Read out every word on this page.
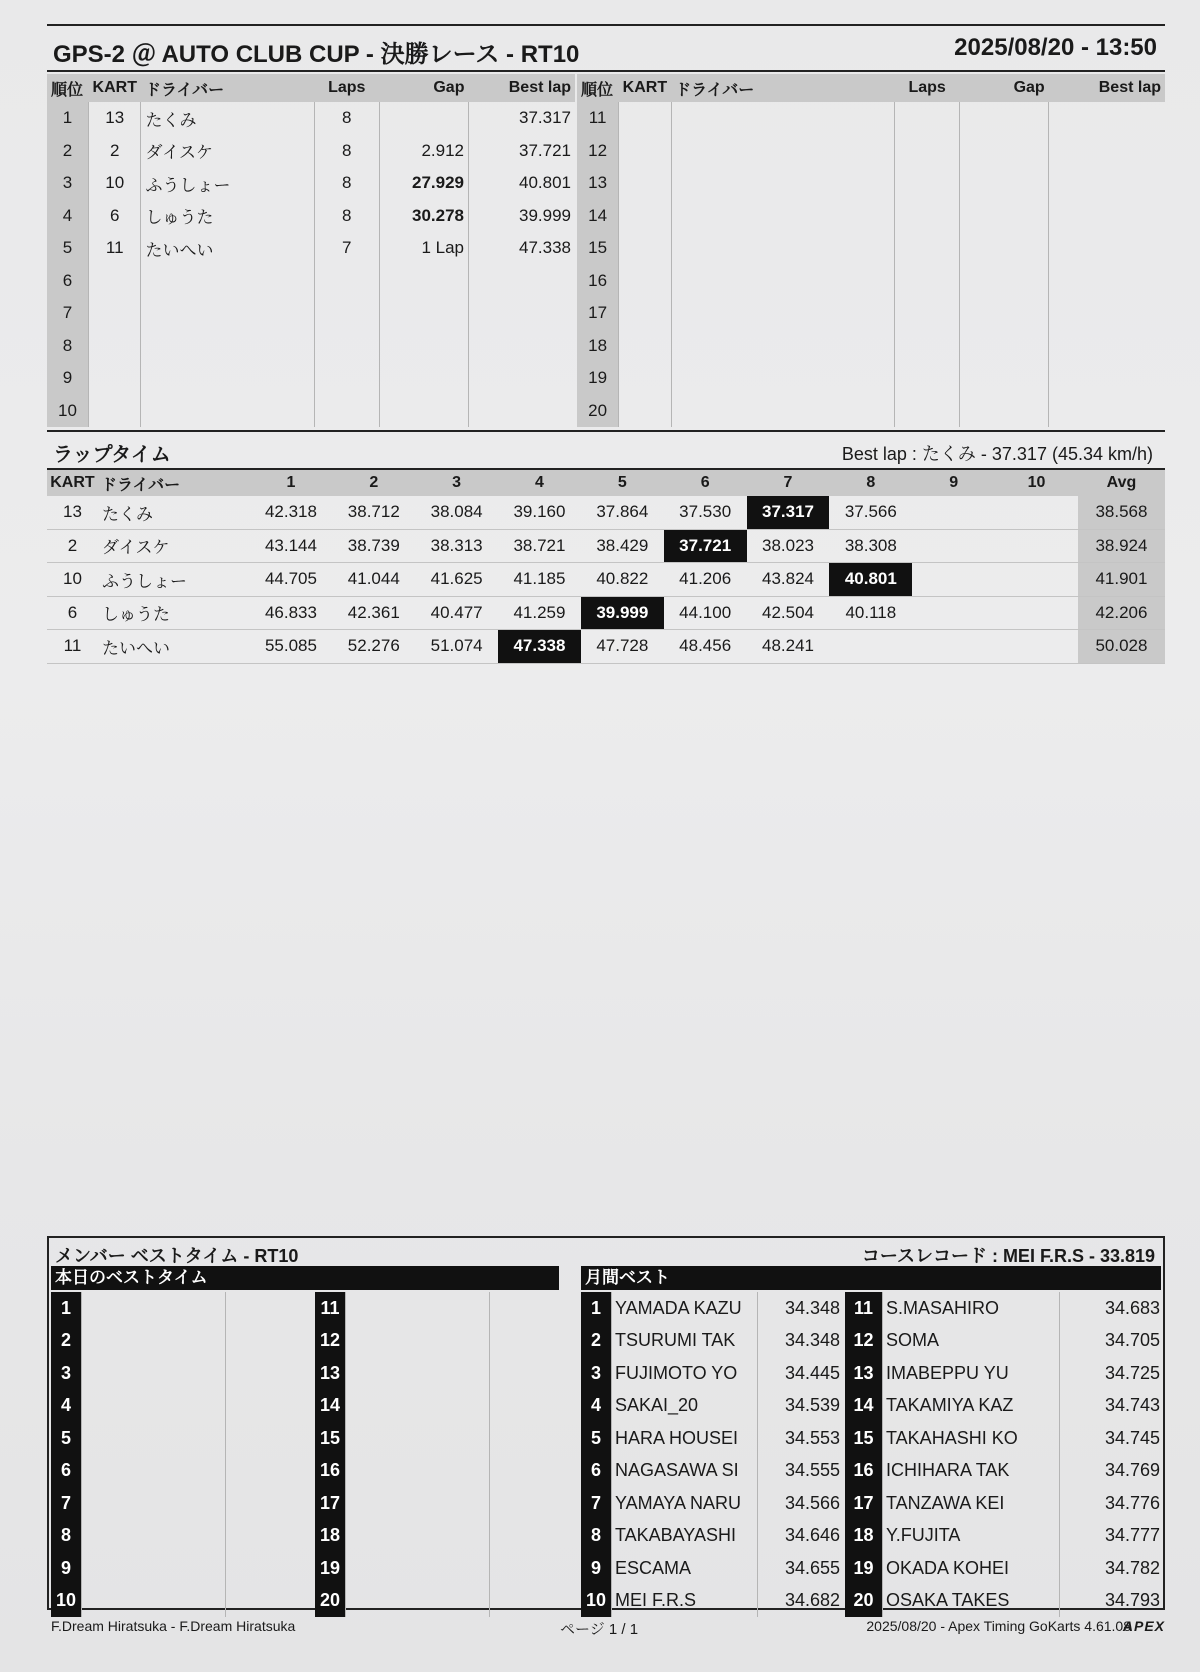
GPS-2 ＠ AUTO CLUB CUP - 決勝レース - RT10	2025/08/20 - 13:50
順位	KART	ドライバー	Laps	Gap	Best lap
1	13	たくみ	8		37.317
2	2	ダイスケ	8	2.912	37.721
3	10	ふうしょー	8	27.929	40.801
4	6	しゅうた	8	30.278	39.999
5	11	たいへい	7	1 Lap	47.338
6					
7					
8					
9					
10					
順位	KART	ドライバー	Laps	Gap	Best lap
11					
12					
13					
14					
15					
16					
17					
18					
19					
20					
ラップタイム	Best lap : たくみ - 37.317 (45.34 km/h)
KART	ドライバー	1	2	3	4	5	6	7	8	9	10	Avg
13	たくみ	42.318	38.712	38.084	39.160	37.864	37.530	37.317	37.566			38.568
2	ダイスケ	43.144	38.739	38.313	38.721	38.429	37.721	38.023	38.308			38.924
10	ふうしょー	44.705	41.044	41.625	41.185	40.822	41.206	43.824	40.801			41.901
6	しゅうた	46.833	42.361	40.477	41.259	39.999	44.100	42.504	40.118			42.206
11	たいへい	55.085	52.276	51.074	47.338	47.728	48.456	48.241				50.028
メンバー ベストタイム - RT10	コースレコード : MEI F.R.S - 33.819
本日のベストタイム	月間ベスト
1		
2		
3		
4		
5		
6		
7		
8		
9		
10		
11		
12		
13		
14		
15		
16		
17		
18		
19		
20		
1	YAMADA KAZU	34.348
2	TSURUMI TAK	34.348
3	FUJIMOTO YO	34.445
4	SAKAI_20	34.539
5	HARA HOUSEI	34.553
6	NAGASAWA SI	34.555
7	YAMAYA NARU	34.566
8	TAKABAYASHI	34.646
9	ESCAMA	34.655
10	MEI F.R.S	34.682
11	S.MASAHIRO	34.683
12	SOMA	34.705
13	IMABEPPU YU	34.725
14	TAKAMIYA KAZ	34.743
15	TAKAHASHI KO	34.745
16	ICHIHARA TAK	34.769
17	TANZAWA KEI	34.776
18	Y.FUJITA	34.777
19	OKADA KOHEI	34.782
20	OSAKA TAKES	34.793
F.Dream Hiratsuka - F.Dream Hiratsuka	ページ 1 / 1	2025/08/20 - Apex Timing GoKarts 4.61.08
APEX
